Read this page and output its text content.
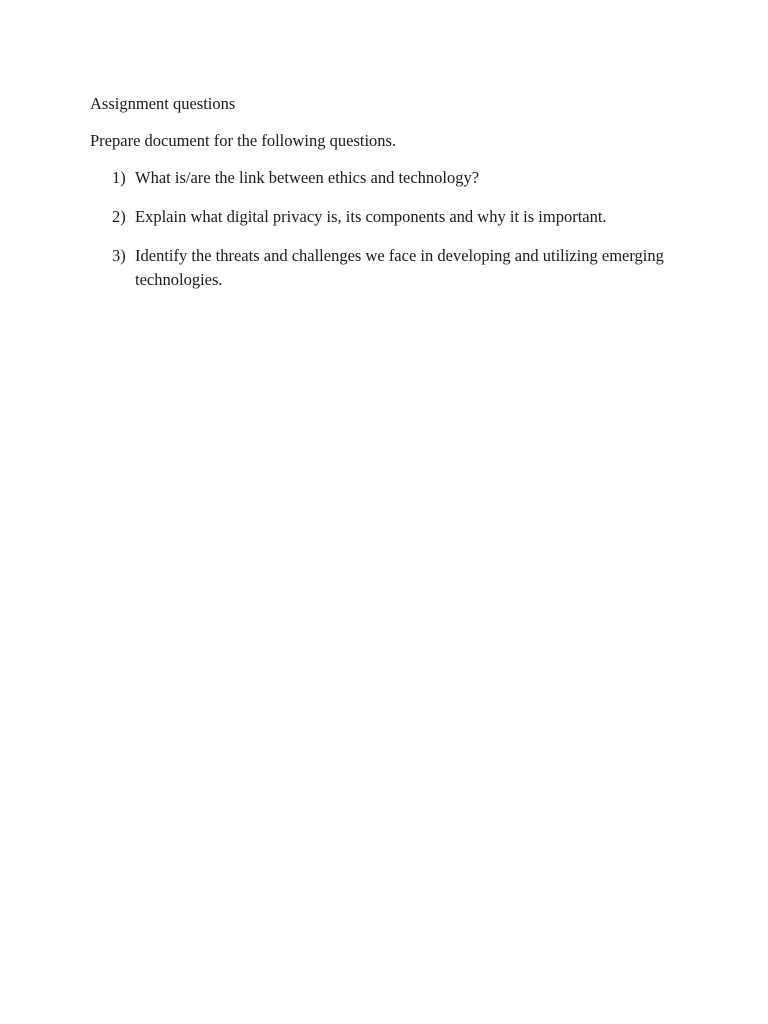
Assignment questions
Prepare document for the following questions.
1) What is/are the link between ethics and technology?
2) Explain what digital privacy is, its components and why it is important.
3) Identify the threats and challenges we face in developing and utilizing emerging technologies.
